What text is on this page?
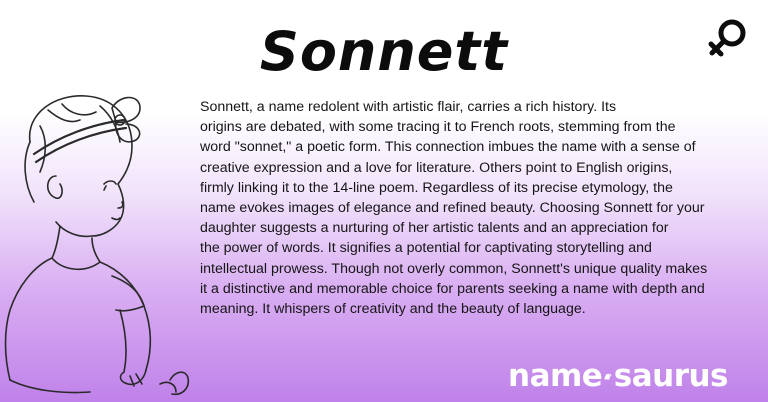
Sonnett
Sonnett, a name redolent with artistic flair, carries a rich history. Its
origins are debated, with some tracing it to French roots, stemming from the
word "sonnet," a poetic form. This connection imbues the name with a sense of
creative expression and a love for literature. Others point to English origins,
firmly linking it to the 14-line poem. Regardless of its precise etymology, the
name evokes images of elegance and refined beauty. Choosing Sonnett for your
daughter suggests a nurturing of her artistic talents and an appreciation for
the power of words. It signifies a potential for captivating storytelling and
intellectual prowess. Though not overly common, Sonnett's unique quality makes
it a distinctive and memorable choice for parents seeking a name with depth and
meaning. It whispers of creativity and the beauty of language.
name saurus
